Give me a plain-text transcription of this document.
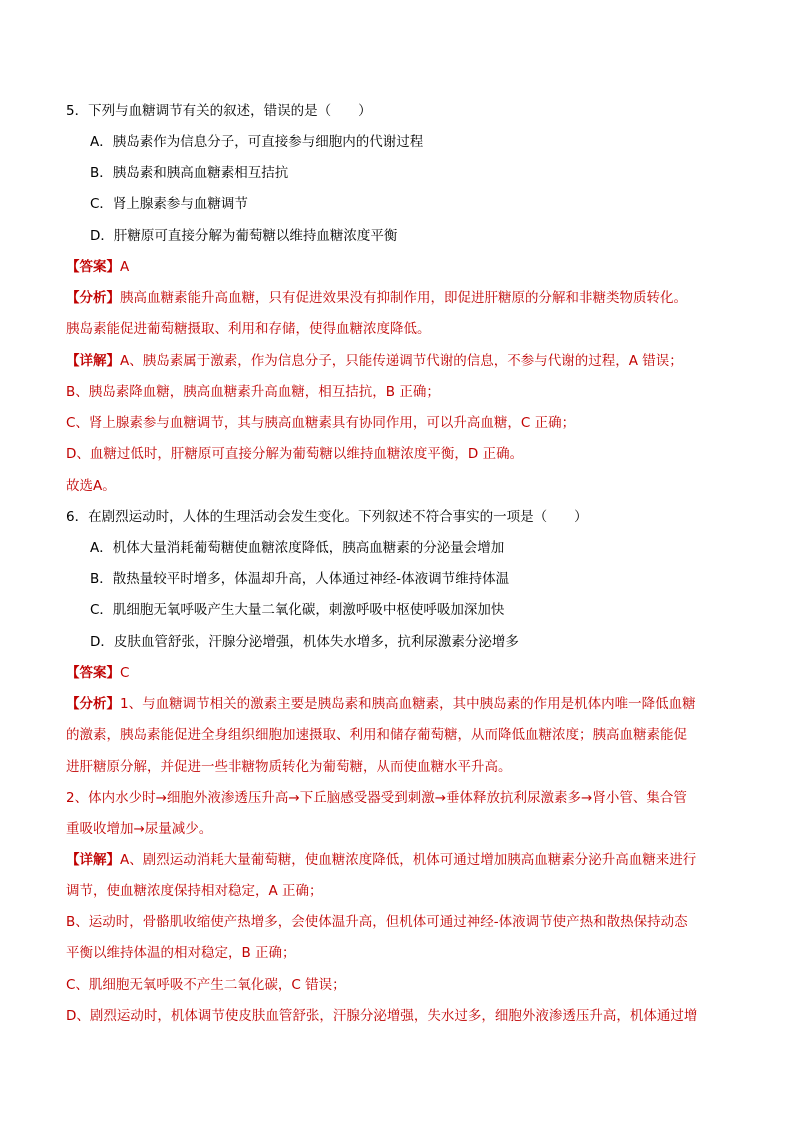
5．下列与血糖调节有关的叙述，错误的是（　　）
A．胰岛素作为信息分子，可直接参与细胞内的代谢过程
B．胰岛素和胰高血糖素相互拮抗
C．肾上腺素参与血糖调节
D．肝糖原可直接分解为葡萄糖以维持血糖浓度平衡
【答案】A
【分析】胰高血糖素能升高血糖，只有促进效果没有抑制作用，即促进肝糖原的分解和非糖类物质转化。
胰岛素能促进葡萄糖摄取、利用和存储，使得血糖浓度降低。
【详解】A、胰岛素属于激素，作为信息分子，只能传递调节代谢的信息，不参与代谢的过程，A 错误；
B、胰岛素降血糖，胰高血糖素升高血糖，相互拮抗，B 正确；
C、肾上腺素参与血糖调节，其与胰高血糖素具有协同作用，可以升高血糖，C 正确；
D、血糖过低时，肝糖原可直接分解为葡萄糖以维持血糖浓度平衡，D 正确。
故选A。
6．在剧烈运动时，人体的生理活动会发生变化。下列叙述不符合事实的一项是（　　）
A．机体大量消耗葡萄糖使血糖浓度降低，胰高血糖素的分泌量会增加
B．散热量较平时增多，体温却升高，人体通过神经-体液调节维持体温
C．肌细胞无氧呼吸产生大量二氧化碳，刺激呼吸中枢使呼吸加深加快
D．皮肤血管舒张，汗腺分泌增强，机体失水增多，抗利尿激素分泌增多
【答案】C
【分析】1、与血糖调节相关的激素主要是胰岛素和胰高血糖素，其中胰岛素的作用是机体内唯一降低血糖
的激素，胰岛素能促进全身组织细胞加速摄取、利用和储存葡萄糖，从而降低血糖浓度；胰高血糖素能促
进肝糖原分解，并促进一些非糖物质转化为葡萄糖，从而使血糖水平升高。
2、体内水少时→细胞外液渗透压升高→下丘脑感受器受到刺激→垂体释放抗利尿激素多→肾小管、集合管
重吸收增加→尿量减少。
【详解】A、剧烈运动消耗大量葡萄糖，使血糖浓度降低，机体可通过增加胰高血糖素分泌升高血糖来进行
调节，使血糖浓度保持相对稳定，A 正确；
B、运动时，骨骼肌收缩使产热增多，会使体温升高，但机体可通过神经-体液调节使产热和散热保持动态
平衡以维持体温的相对稳定，B 正确；
C、肌细胞无氧呼吸不产生二氧化碳，C 错误；
D、剧烈运动时，机体调节使皮肤血管舒张，汗腺分泌增强，失水过多，细胞外液渗透压升高，机体通过增
